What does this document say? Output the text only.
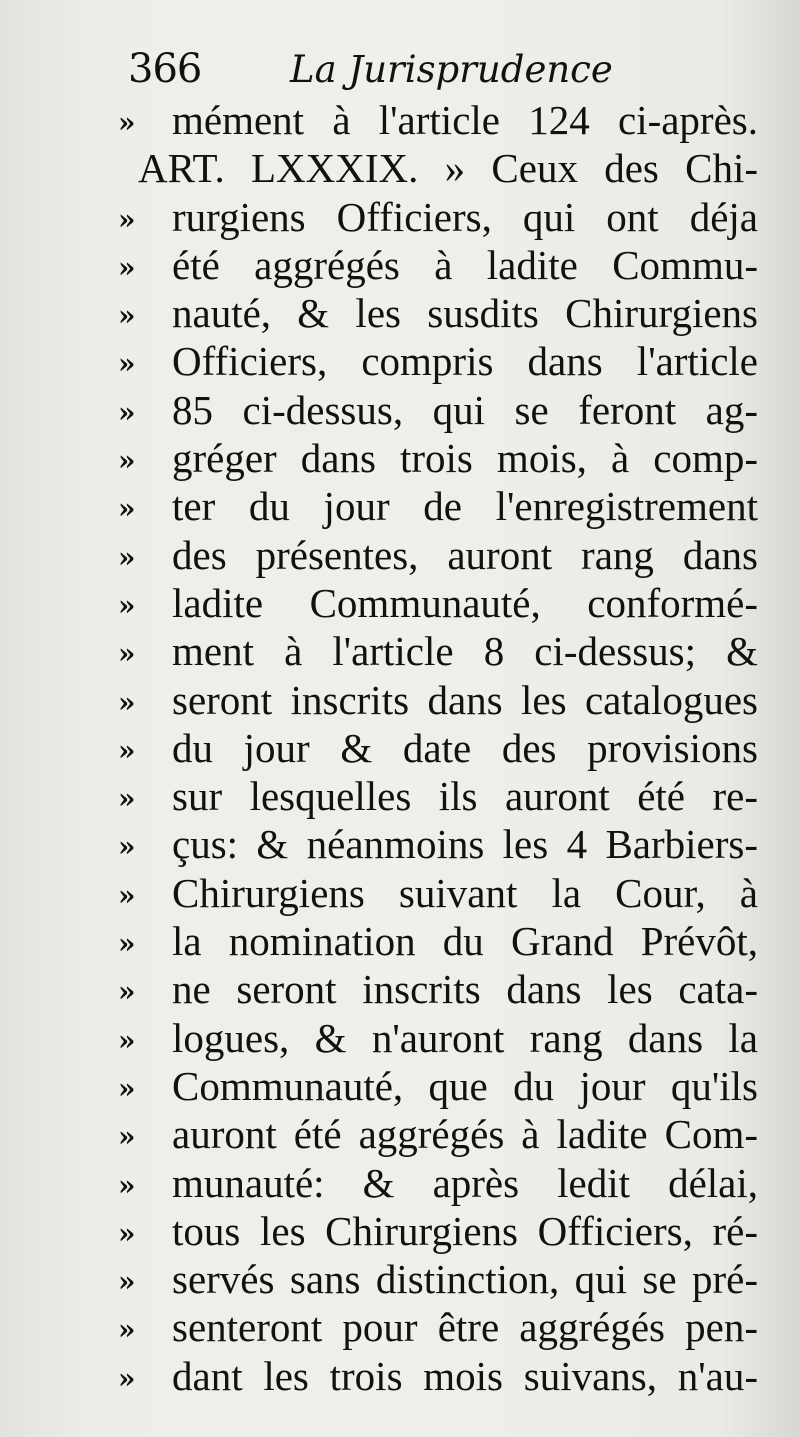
366 La Jurisprudence
» mément à l'article 124 ci-après.
ART. LXXXIX. » Ceux des Chi-
» rurgiens Officiers, qui ont déja
» été aggrégés à ladite Commu-
» nauté, & les susdits Chirurgiens
» Officiers, compris dans l'article
» 85 ci-dessus, qui se feront ag-
» gréger dans trois mois, à comp-
» ter du jour de l'enregistrement
» des présentes, auront rang dans
» ladite Communauté, conformé-
» ment à l'article 8 ci-dessus; &
» seront inscrits dans les catalogues
» du jour & date des provisions
» sur lesquelles ils auront été re-
» çus: & néanmoins les 4 Barbiers-
» Chirurgiens suivant la Cour, à
» la nomination du Grand Prévôt,
» ne seront inscrits dans les cata-
» logues, & n'auront rang dans la
» Communauté, que du jour qu'ils
» auront été aggrégés à ladite Com-
» munauté: & après ledit délai,
» tous les Chirurgiens Officiers, ré-
» servés sans distinction, qui se pré-
» senteront pour être aggrégés pen-
» dant les trois mois suivans, n'au-
